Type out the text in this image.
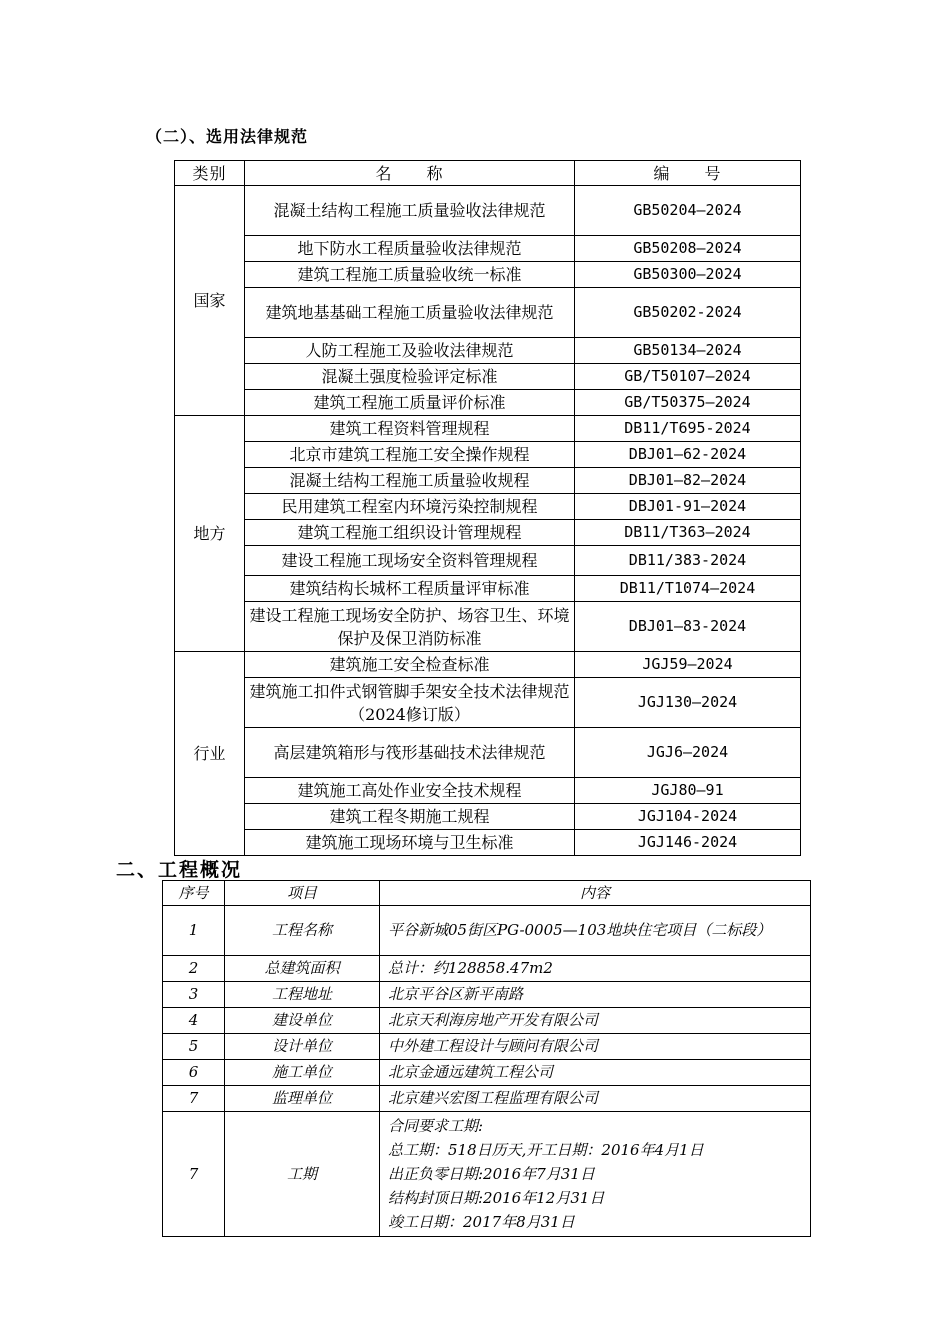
（二）、选用法律规范
类别	名　　称	编　　号
国家	混凝土结构工程施工质量验收法律规范	GB50204—2024
	地下防水工程质量验收法律规范	GB50208—2024
	建筑工程施工质量验收统一标准	GB50300—2024
	建筑地基基础工程施工质量验收法律规范	GB50202-2024
	人防工程施工及验收法律规范	GB50134—2024
	混凝土强度检验评定标准	GB/T50107—2024
	建筑工程施工质量评价标准	GB/T50375—2024
地方	建筑工程资料管理规程	DB11/T695-2024
	北京市建筑工程施工安全操作规程	DBJ01—62-2024
	混凝土结构工程施工质量验收规程	DBJ01—82—2024
	民用建筑工程室内环境污染控制规程	DBJ01-91—2024
	建筑工程施工组织设计管理规程	DB11/T363—2024
	建设工程施工现场安全资料管理规程	DB11/383-2024
	建筑结构长城杯工程质量评审标准	DB11/T1074—2024
	建设工程施工现场安全防护、场容卫生、环境保护及保卫消防标准	DBJ01—83-2024
行业	建筑施工安全检查标准	JGJ59—2024
	建筑施工扣件式钢管脚手架安全技术法律规范（2024修订版）	JGJ130—2024
	高层建筑箱形与筏形基础技术法律规范	JGJ6—2024
	建筑施工高处作业安全技术规程	JGJ80—91
	建筑工程冬期施工规程	JGJ104-2024
	建筑施工现场环境与卫生标准	JGJ146-2024
二、工程概况
序号	项目	内容
1	工程名称	平谷新城05街区PG-0005—103地块住宅项目（二标段）
2	总建筑面积	总计：约128858.47m2
3	工程地址	北京平谷区新平南路
4	建设单位	北京天利海房地产开发有限公司
5	设计单位	中外建工程设计与顾问有限公司
6	施工单位	北京金通远建筑工程公司
7	监理单位	北京建兴宏图工程监理有限公司
7	工期	合同要求工期:
总工期：518日历天,开工日期：2016年4月1日
出正负零日期:2016年7月31日
结构封顶日期:2016年12月31日
竣工日期：2017年8月31日
